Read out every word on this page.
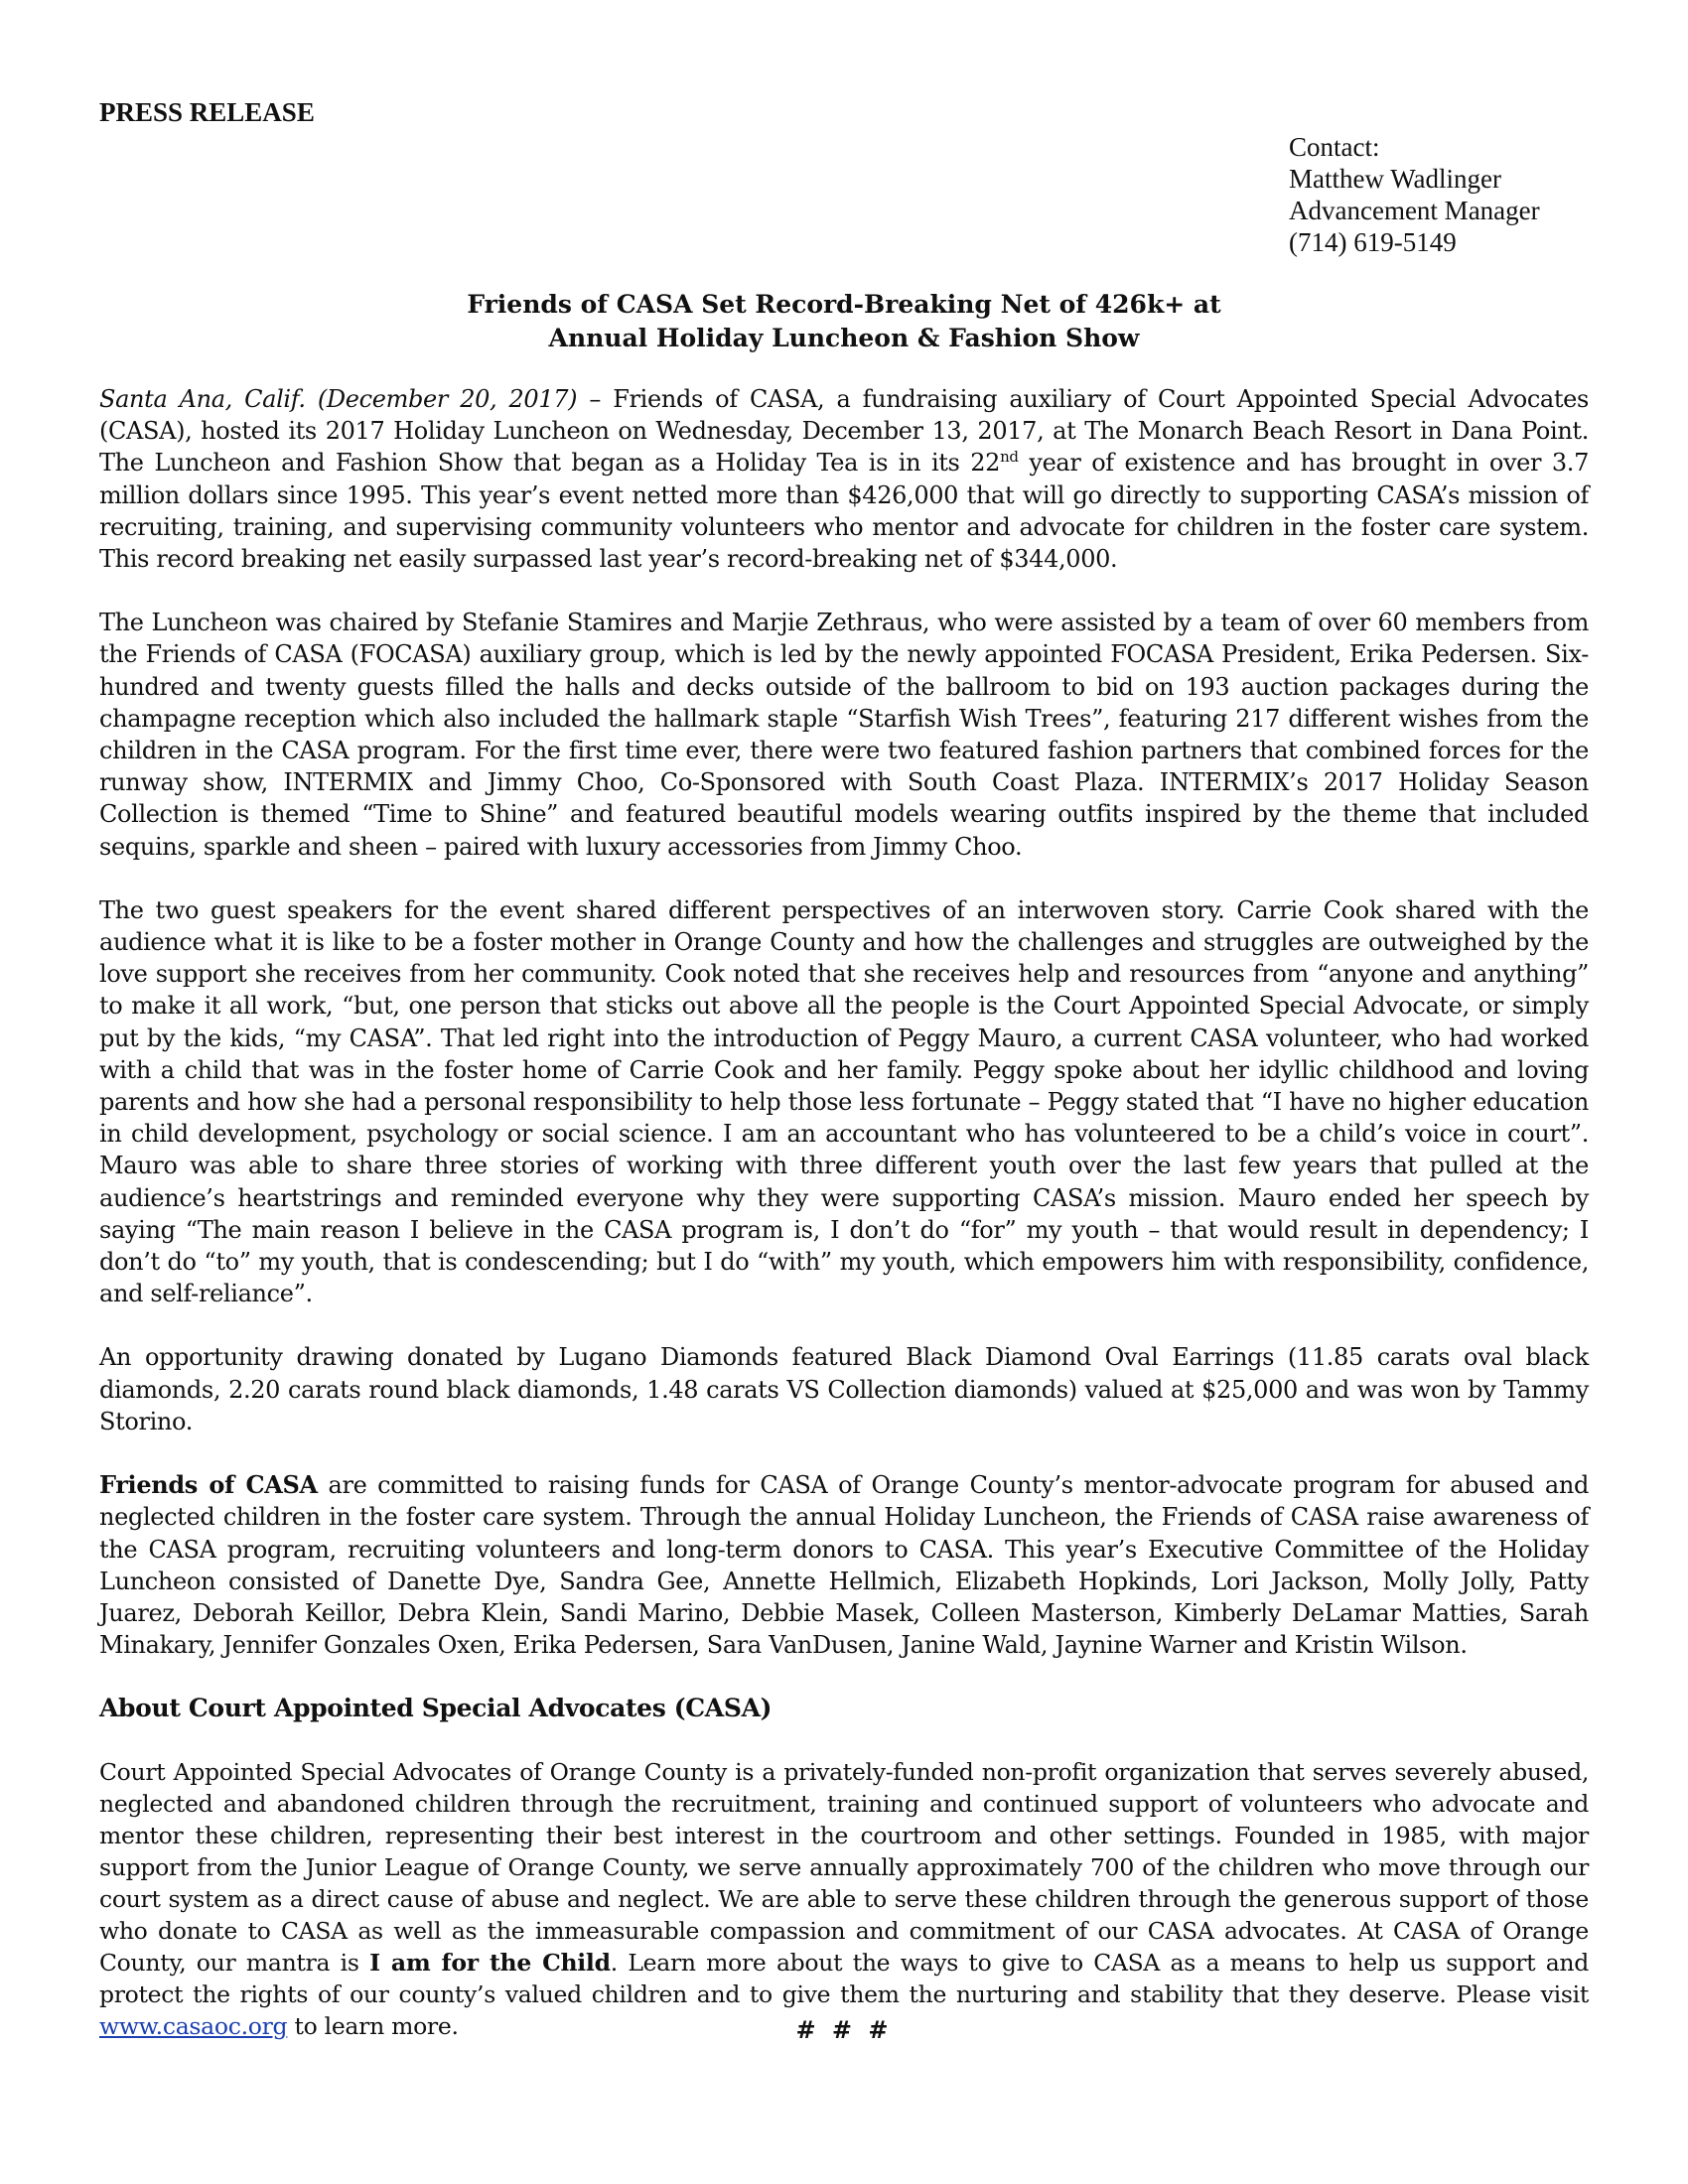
PRESS RELEASE

Contact:
Matthew Wadlinger
Advancement Manager
(714) 619-5149
Friends of CASA Set Record-Breaking Net of 426k+ at
Annual Holiday Luncheon & Fashion Show

Santa Ana, Calif. (December 20, 2017) – Friends of CASA, a fundraising auxiliary of Court Appointed Special Advocates (CASA), hosted its 2017 Holiday Luncheon on Wednesday, December 13, 2017, at The Monarch Beach Resort in Dana Point. The Luncheon and Fashion Show that began as a Holiday Tea is in its 22nd year of existence and has brought in over 3.7 million dollars since 1995. This year’s event netted more than $426,000 that will go directly to supporting CASA’s mission of recruiting, training, and supervising community volunteers who mentor and advocate for children in the foster care system. This record breaking net easily surpassed last year’s record-breaking net of $344,000.

The Luncheon was chaired by Stefanie Stamires and Marjie Zethraus, who were assisted by a team of over 60 members from the Friends of CASA (FOCASA) auxiliary group, which is led by the newly appointed FOCASA President, Erika Pedersen. Six-hundred and twenty guests filled the halls and decks outside of the ballroom to bid on 193 auction packages during the champagne reception which also included the hallmark staple “Starfish Wish Trees”, featuring 217 different wishes from the children in the CASA program. For the first time ever, there were two featured fashion partners that combined forces for the runway show, INTERMIX and Jimmy Choo, Co-Sponsored with South Coast Plaza. INTERMIX’s 2017 Holiday Season Collection is themed “Time to Shine” and featured beautiful models wearing outfits inspired by the theme that included sequins, sparkle and sheen – paired with luxury accessories from Jimmy Choo.

The two guest speakers for the event shared different perspectives of an interwoven story. Carrie Cook shared with the audience what it is like to be a foster mother in Orange County and how the challenges and struggles are outweighed by the love support she receives from her community. Cook noted that she receives help and resources from “anyone and anything” to make it all work, “but, one person that sticks out above all the people is the Court Appointed Special Advocate, or simply put by the kids, “my CASA”. That led right into the introduction of Peggy Mauro, a current CASA volunteer, who had worked with a child that was in the foster home of Carrie Cook and her family. Peggy spoke about her idyllic childhood and loving parents and how she had a personal responsibility to help those less fortunate – Peggy stated that “I have no higher education in child development, psychology or social science. I am an accountant who has volunteered to be a child’s voice in court”. Mauro was able to share three stories of working with three different youth over the last few years that pulled at the audience’s heartstrings and reminded everyone why they were supporting CASA’s mission. Mauro ended her speech by saying “The main reason I believe in the CASA program is, I don’t do “for” my youth – that would result in dependency; I don’t do “to” my youth, that is condescending; but I do “with” my youth, which empowers him with responsibility, confidence, and self-reliance”.

An opportunity drawing donated by Lugano Diamonds featured Black Diamond Oval Earrings (11.85 carats oval black diamonds, 2.20 carats round black diamonds, 1.48 carats VS Collection diamonds) valued at $25,000 and was won by Tammy Storino.

Friends of CASA are committed to raising funds for CASA of Orange County’s mentor-advocate program for abused and neglected children in the foster care system. Through the annual Holiday Luncheon, the Friends of CASA raise awareness of the CASA program, recruiting volunteers and long-term donors to CASA. This year’s Executive Committee of the Holiday Luncheon consisted of Danette Dye, Sandra Gee, Annette Hellmich, Elizabeth Hopkinds, Lori Jackson, Molly Jolly, Patty Juarez, Deborah Keillor, Debra Klein, Sandi Marino, Debbie Masek, Colleen Masterson, Kimberly DeLamar Matties, Sarah Minakary, Jennifer Gonzales Oxen, Erika Pedersen, Sara VanDusen, Janine Wald, Jaynine Warner and Kristin Wilson.

About Court Appointed Special Advocates (CASA)

Court Appointed Special Advocates of Orange County is a privately-funded non-profit organization that serves severely abused, neglected and abandoned children through the recruitment, training and continued support of volunteers who advocate and mentor these children, representing their best interest in the courtroom and other settings. Founded in 1985, with major support from the Junior League of Orange County, we serve annually approximately 700 of the children who move through our court system as a direct cause of abuse and neglect. We are able to serve these children through the generous support of those who donate to CASA as well as the immeasurable compassion and commitment of our CASA advocates. At CASA of Orange County, our mantra is I am for the Child. Learn more about the ways to give to CASA as a means to help us support and protect the rights of our county’s valued children and to give them the nurturing and stability that they deserve. Please visit www.casaoc.org to learn more.	# # #
